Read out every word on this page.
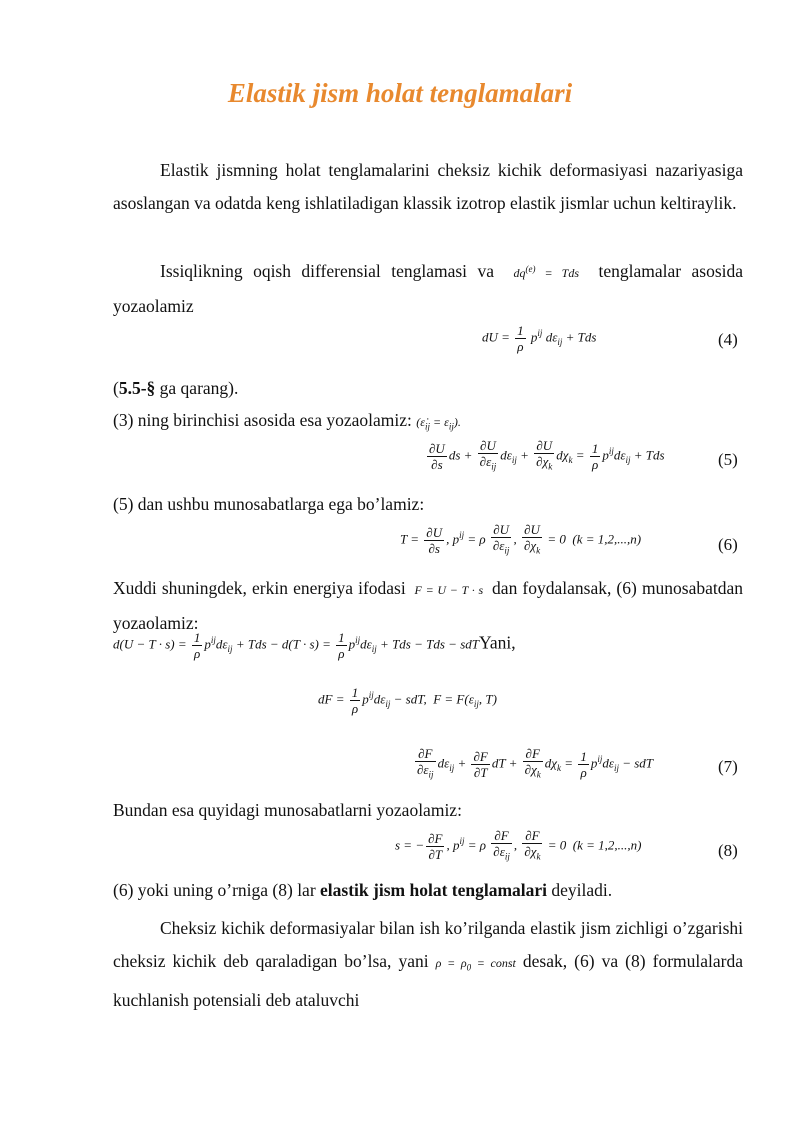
Elastik jism holat tenglamalari
Elastik jismning holat tenglamalarini cheksiz kichik deformasiyasi nazariyasiga asoslangan va odatda keng ishlatiladigan klassik izotrop elastik jismlar uchun keltiraylik.
Issiqlikning oqish differensial tenglamasi va  $dq^{(e)}$ = Tds  tenglamalar asosida yozaolamiz
dU = $\frac{1}{\rho} p^{ij}$ $d\varepsilon_{ij}$ + Tds	(4)
(5.5-§ ga qarang).
(3) ning birinchisi asosida esa yozaolamiz: $(\varepsiloṅ_{ij} = \varepsilon_{ij})$.
$\frac{\partial U}{\partial s}$ ds + $\frac{\partial U}{\partial\varepsilon_{ij}} d\varepsilon_{ij} + \frac{\partial U}{\partial\chi_k} d\chi_k = \frac{1}{\rho} p^{ij}d\varepsilon_{ij}$ + Tds	(5)
(5) dan ushbu munosabatlarga ega bo’lamiz:
$T = \frac{\partial U}{\partial s}$ , $p^{ij} = \rho \frac{\partial U}{\partial\varepsilon_{ij}}$ , $\frac{\partial U}{\partial\chi_k} = 0$  (k = 1,2,...,n)	(6)
Xuddi shuningdek, erkin energiya ifodasi  F = U − T · s  dan foydalansak, (6) munosabatdan yozaolamiz:
$d(U - T \cdot s) = \frac{1}{\rho} p^{ij}d\varepsilon_{ij}$ + Tds − $d(T \cdot s) = \frac{1}{\rho} p^{ij}d\varepsilon_{ij}$ + Tds − Tds − sdTYani,
dF = $\frac{1}{\rho} p^{ij}d\varepsilon_{ij}$ − sdT,  $F = F(\varepsilon_{ij}$, T)
$\frac{\partial F}{\partial\varepsilon_{ij}} d\varepsilon_{ij} + \frac{\partial F}{\partial T}$ dT + $\frac{\partial F}{\partial\chi_k} d\chi_k = \frac{1}{\rho} p^{ij}d\varepsilon_{ij}$ − sdT	(7)
Bundan esa quyidagi munosabatlarni yozaolamiz:
s = − $\frac{\partial F}{\partial T}$ , $p^{ij} = \rho \frac{\partial F}{\partial\varepsilon_{ij}}$ , $\frac{\partial F}{\partial\chi_k} = 0$  (k = 1,2,...,n)	(8)
(6) yoki uning o’rniga (8) lar elastik jism holat tenglamalari deyiladi.
Cheksiz kichik deformasiyalar bilan ish ko’rilganda elastik jism zichligi o’zgarishi cheksiz kichik deb qaraladigan bo’lsa, yani $\rho = \rho_0$ = const desak, (6) va (8) formulalarda kuchlanish potensiali deb ataluvchi
